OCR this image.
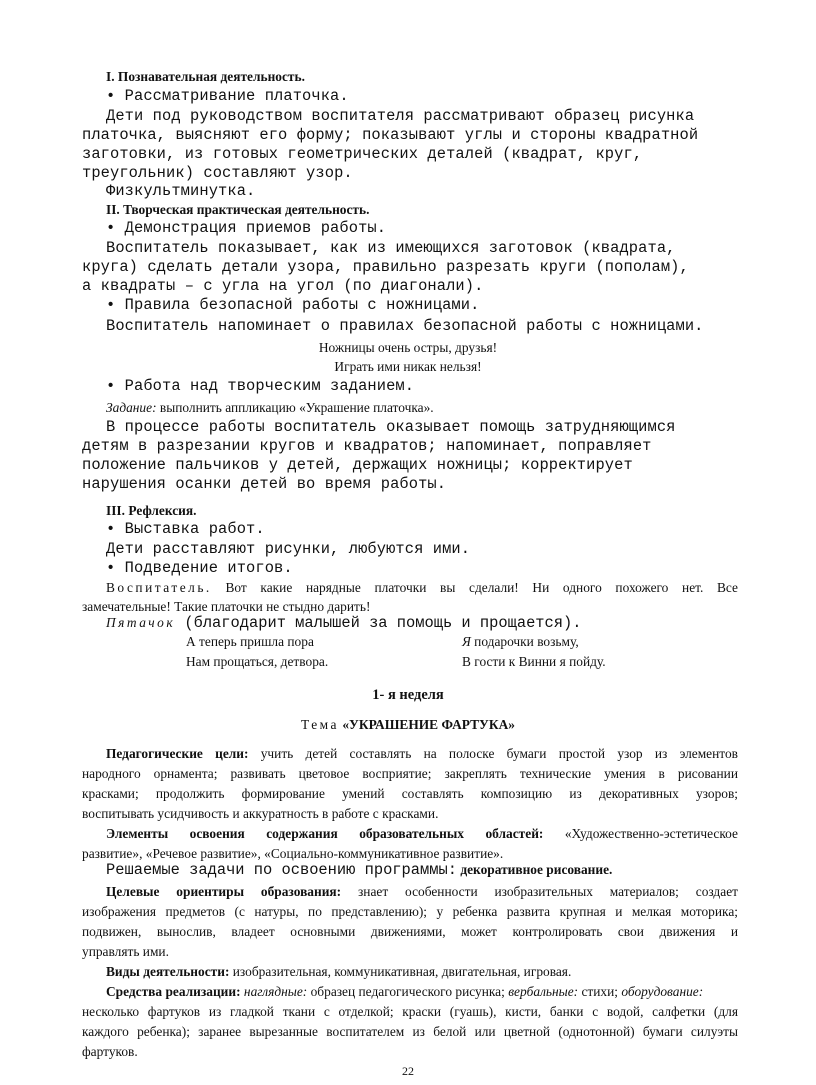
I. Познавательная деятельность.
• Рассматривание платочка.
Дети под руководством воспитателя рассматривают образец рисунка
платочка, выясняют его форму; показывают углы и стороны квадратной
заготовки, из готовых геометрических деталей (квадрат, круг,
треугольник) составляют узор.
Физкультминутка.
II. Творческая практическая деятельность.
• Демонстрация приемов работы.
Воспитатель показывает, как из имеющихся заготовок (квадрата,
круга) сделать детали узора, правильно разрезать круги (пополам),
а квадраты – с угла на угол (по диагонали).
• Правила безопасной работы с ножницами.
Воспитатель напоминает о правилах безопасной работы с ножницами.
Ножницы очень остры, друзья!
Играть ими никак нельзя!
• Работа над творческим заданием.
Задание: выполнить аппликацию «Украшение платочка».
В процессе работы воспитатель оказывает помощь затрудняющимся
детям в разрезании кругов и квадратов; напоминает, поправляет
положение пальчиков у детей, держащих ножницы; корректирует
нарушения осанки детей во время работы.
III. Рефлексия.
• Выставка работ.
Дети расставляют рисунки, любуются ими.
• Подведение итогов.
Воспитатель. Вот какие нарядные платочки вы сделали! Ни одного похожего нет. Все
замечательные! Такие платочки не стыдно дарить!
Пятачок (благодарит малышей за помощь и прощается).
А теперь пришла пора
Нам прощаться, детвора.
Я подарочки возьму,
В гости к Винни я пойду.
1- я неделя
Тема «УКРАШЕНИЕ ФАРТУКА»
Педагогические цели: учить детей составлять на полоске бумаги простой узор из элементов
народного орнамента; развивать цветовое восприятие; закреплять технические умения в рисовании
красками; продолжить формирование умений составлять композицию из декоративных узоров;
воспитывать усидчивость и аккуратность в работе с красками.
Элементы освоения содержания образовательных областей: «Художественно-эстетическое
развитие», «Речевое развитие», «Социально-коммуникативное развитие».
Решаемые задачи по освоению программы: декоративное рисование.
Целевые ориентиры образования: знает особенности изобразительных материалов; создает
изображения предметов (с натуры, по представлению); у ребенка развита крупная и мелкая моторика;
подвижен, вынослив, владеет основными движениями, может контролировать свои движения и
управлять ими.
Виды деятельности: изобразительная, коммуникативная, двигательная, игровая.
Средства реализации: наглядные: образец педагогического рисунка; вербальные: стихи; оборудование:
несколько фартуков из гладкой ткани с отделкой; краски (гуашь), кисти, банки с водой, салфетки (для
каждого ребенка); заранее вырезанные воспитателем из белой или цветной (однотонной) бумаги силуэты
фартуков.
22
